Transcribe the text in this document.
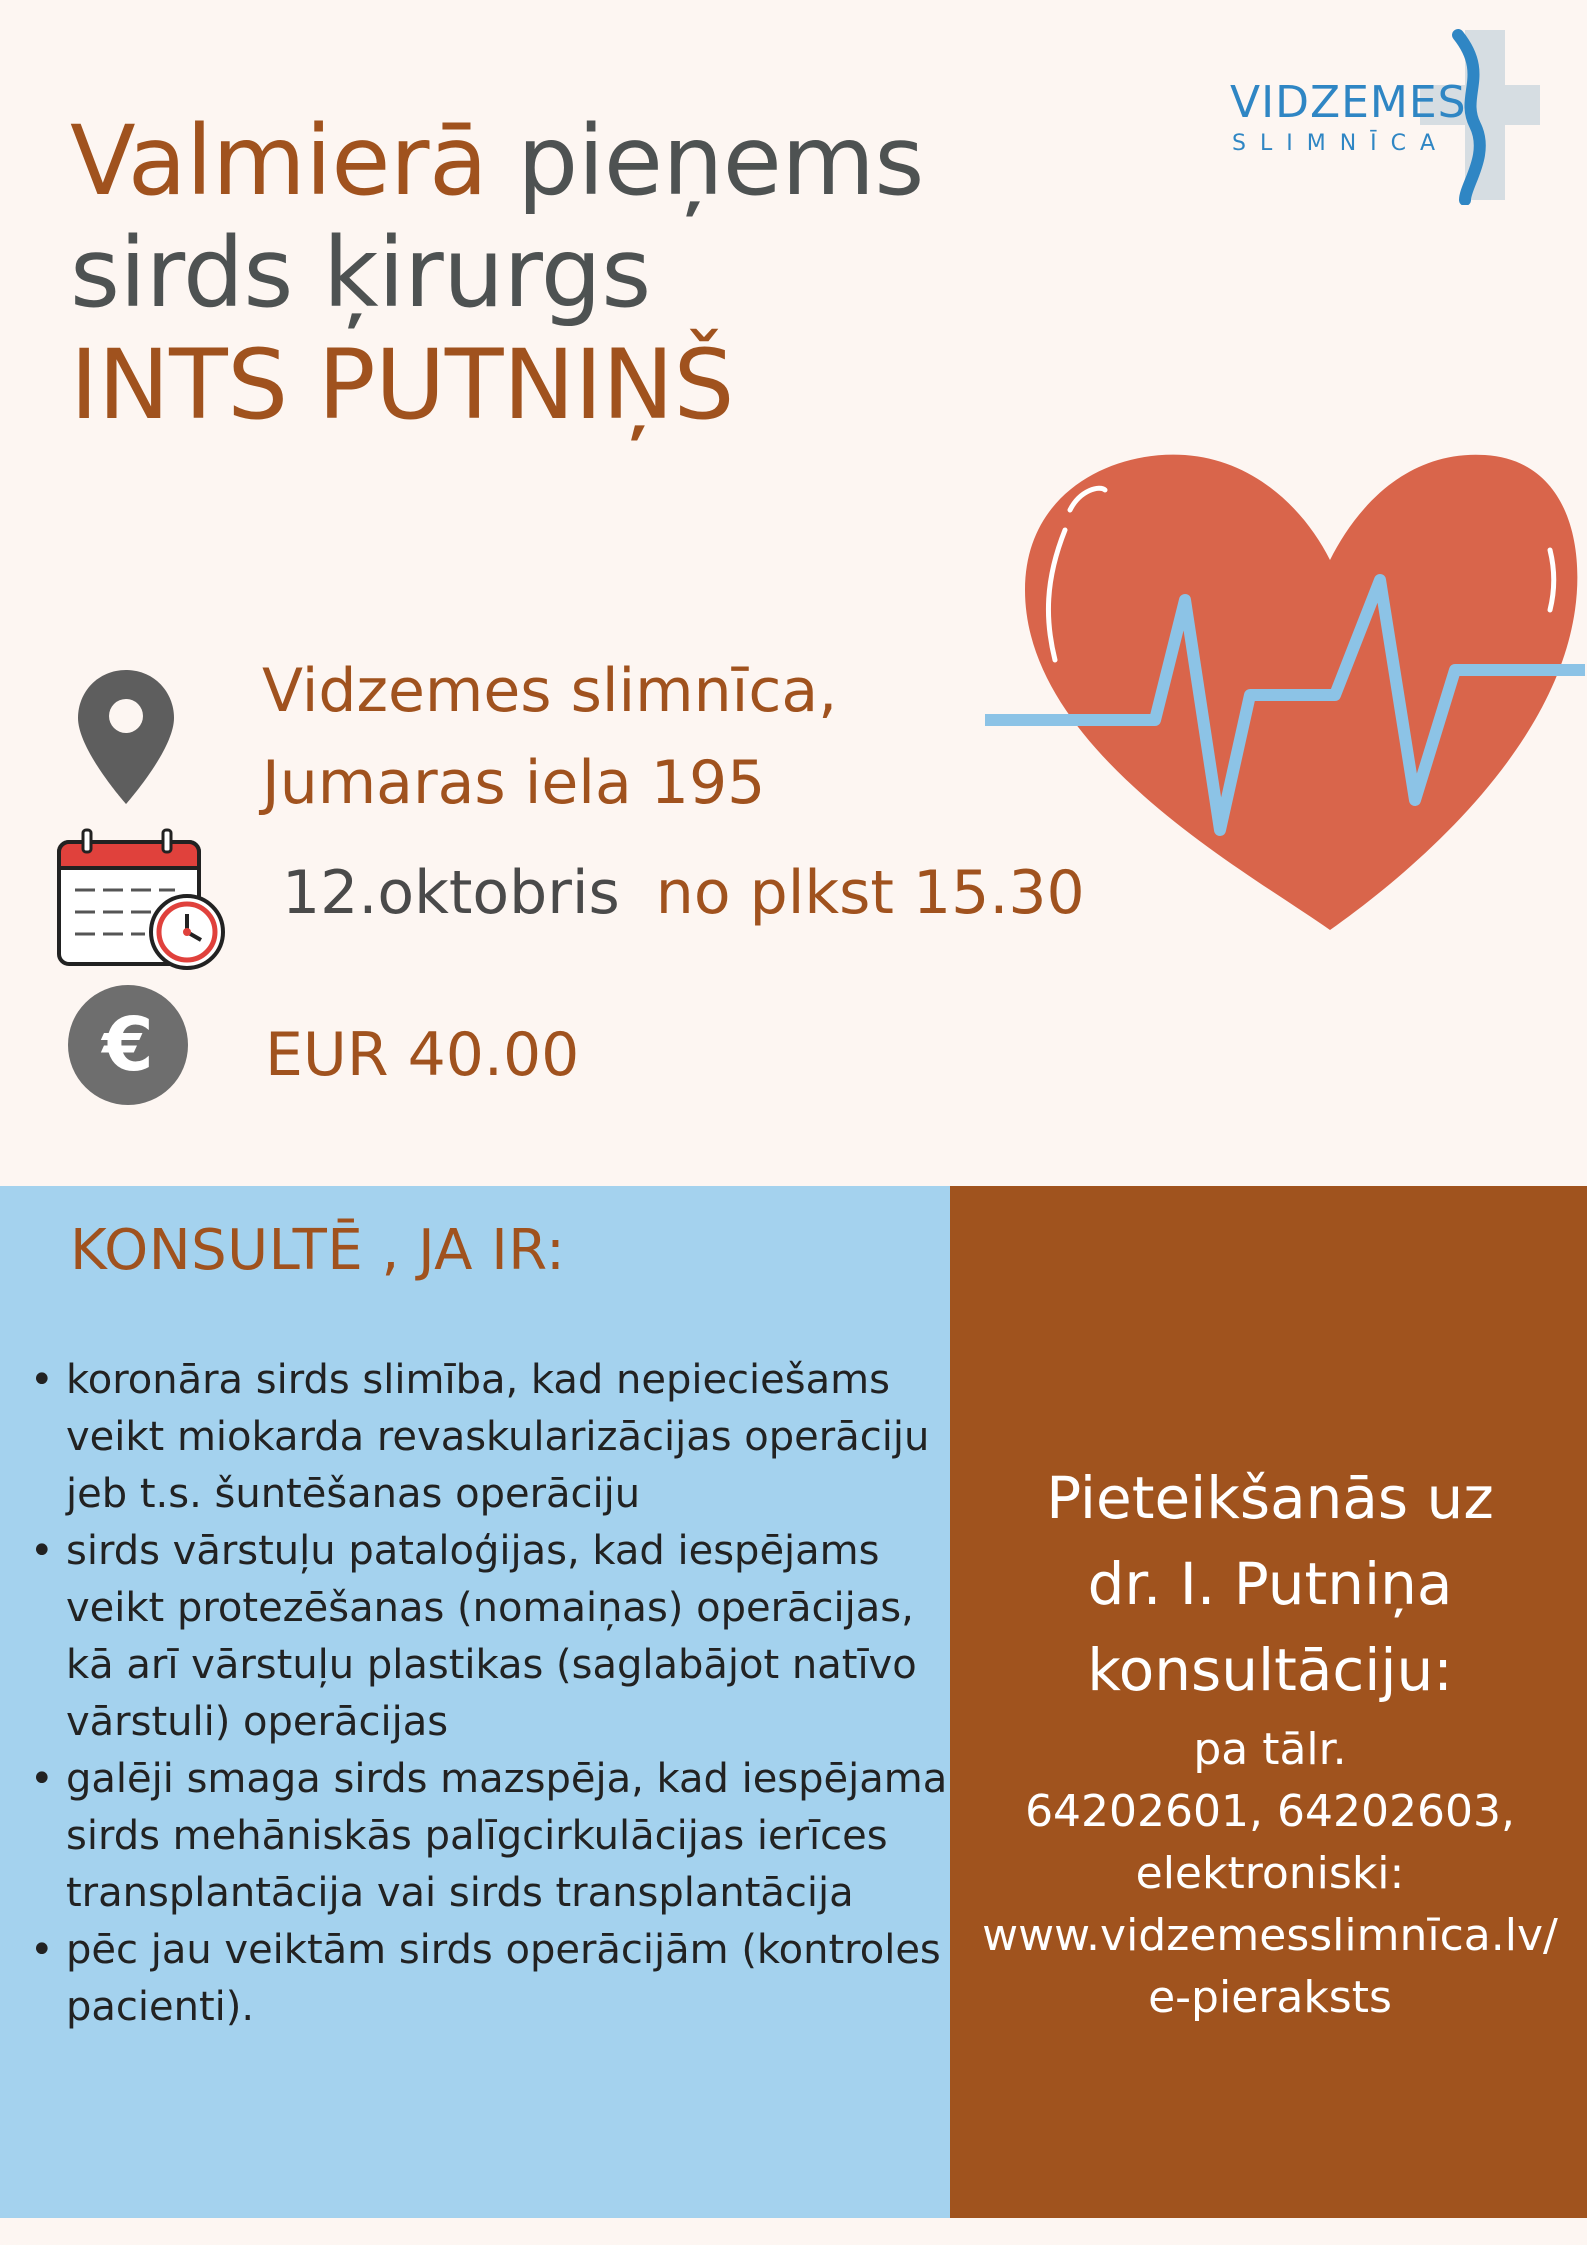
Valmierā pieņems
sirds ķirurgs
INTS PUTNIŅŠ
VIDZEMES
SLIMNĪCA
Vidzemes slimnīca,
Jumaras iela 195
12.oktobris no plkst 15.30
€	EUR 40.00
KONSULTĒ , JA IR:
• koronāra sirds slimība, kad nepieciešams veikt miokarda revaskularizācijas operāciju jeb t.s. šuntēšanas operāciju
• sirds vārstuļu pataloģijas, kad iespējams veikt protezēšanas (nomaiņas) operācijas, kā arī vārstuļu plastikas (saglabājot natīvo vārstuli) operācijas
• galēji smaga sirds mazspēja, kad iespējama sirds mehāniskās palīgcirkulācijas ierīces transplantācija vai sirds transplantācija
• pēc jau veiktām sirds operācijām (kontroles pacienti).
Pieteikšanās uz
dr. I. Putniņa
konsultāciju:
pa tālr.
64202601, 64202603,
elektroniski:
www.vidzemesslimnīca.lv/
e-pieraksts
